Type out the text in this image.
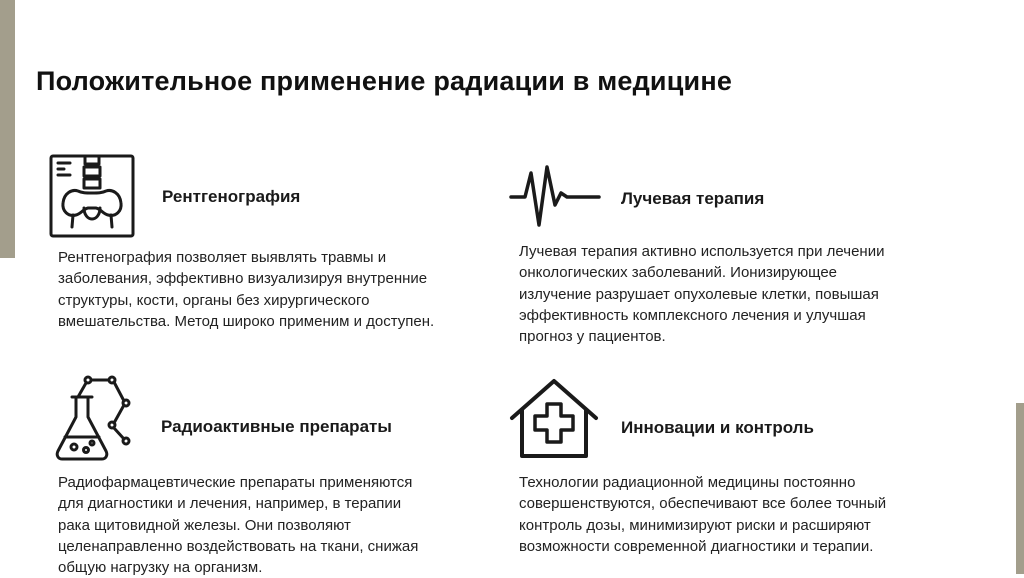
Положительное применение радиации в медицине
Рентгенография

Рентгенография позволяет выявлять травмы и
заболевания, эффективно визуализируя внутренние
структуры, кости, органы без хирургического
вмешательства. Метод широко применим и доступен.

Лучевая терапия

Лучевая терапия активно используется при лечении
онкологических заболеваний. Ионизирующее
излучение разрушает опухолевые клетки, повышая
эффективность комплексного лечения и улучшая
прогноз у пациентов.

Радиоактивные препараты

Радиофармацевтические препараты применяются
для диагностики и лечения, например, в терапии
рака щитовидной железы. Они позволяют
целенаправленно воздействовать на ткани, снижая
общую нагрузку на организм.

Инновации и контроль

Технологии радиационной медицины постоянно
совершенствуются, обеспечивают все более точный
контроль дозы, минимизируют риски и расширяют
возможности современной диагностики и терапии.
